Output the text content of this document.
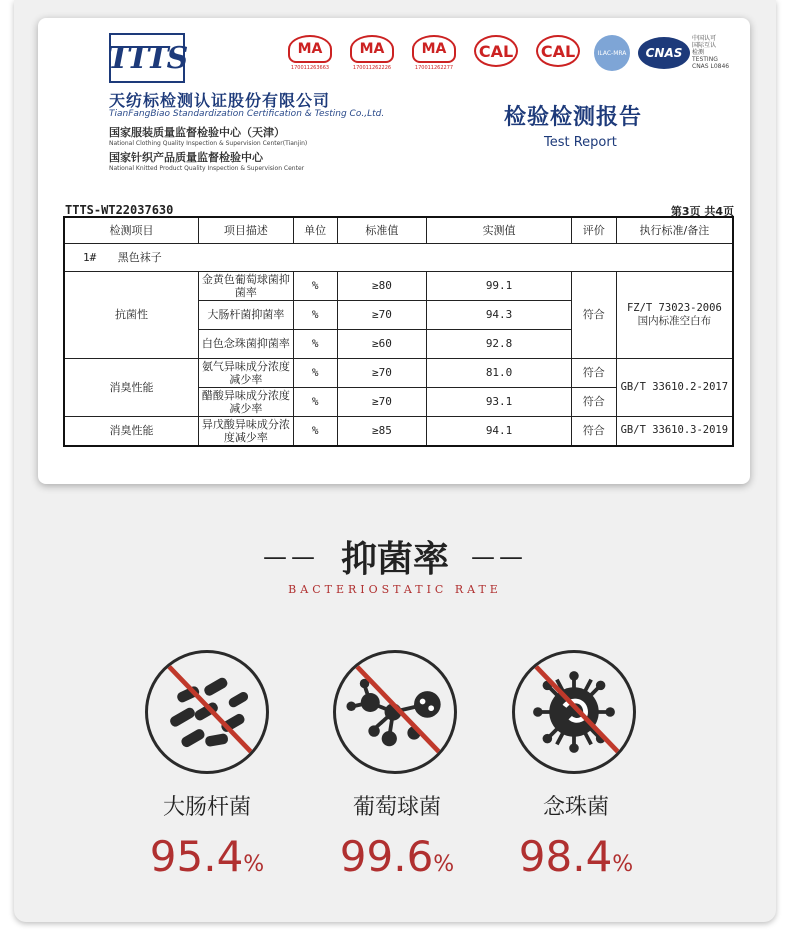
TTTS
天纺标检测认证股份有限公司
TianFangBiao Standardization Certification & Testing Co.,Ltd.
国家服装质量监督检验中心（天津）
National Clothing Quality Inspection & Supervision Center(Tianjin)
国家针织产品质量监督检验中心
National Knitted Product Quality Inspection & Supervision Center
MA
170011263663
MA
170011262226
MA
170011262277
CAL	CAL	ILAC-MRA	CNAS
中国认可
国际互认
检测
TESTING
CNAS L0846
检验检测报告
Test Report
TTTS-WT22037630	第3页 共4页
检测项目	项目描述	单位	标准值	实测值	评价	执行标准/备注
1# 黑色袜子						
抗菌性	金黄色葡萄球菌抑菌率	%	≥80	99.1	符合	FZ/T 73023-2006 国内标准空白布
	大肠杆菌抑菌率	%	≥70	94.3		
	白色念珠菌抑菌率	%	≥60	92.8		
消臭性能	氨气异味成分浓度减少率	%	≥70	81.0	符合	GB/T 33610.2-2017
	醋酸异味成分浓度减少率	%	≥70	93.1	符合	
消臭性能	异戊酸异味成分浓度减少率	%	≥85	94.1	符合	GB/T 33610.3-2019
——抑菌率 ——
BACTERIOSTATIC RATE
大肠杆菌
95.4%
葡萄球菌
99.6%
念珠菌
98.4%
